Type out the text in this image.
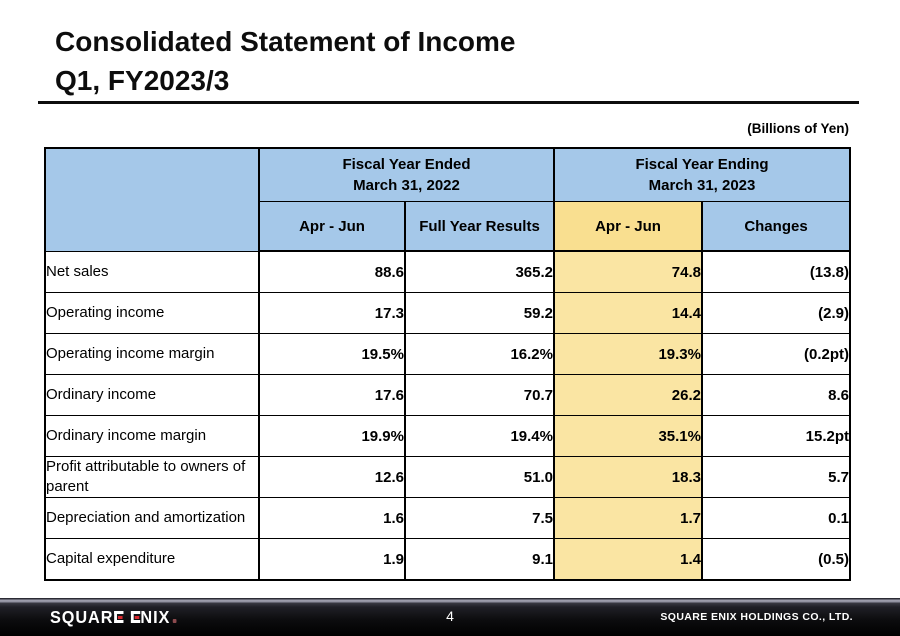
Consolidated Statement of Income
Q1, FY2023/3
(Billions of Yen)

Fiscal Year Ended
March 31, 2022

Fiscal Year Ending
March 31, 2023

	Apr - Jun	Full Year Results	Apr - Jun	Changes
Net sales	88.6	365.2	74.8	(13.8)
Operating income	17.3	59.2	14.4	(2.9)
Operating income margin	19.5%	16.2%	19.3%	(0.2pt)
Ordinary income	17.6	70.7	26.2	8.6
Ordinary income margin	19.9%	19.4%	35.1%	15.2pt
Profit attributable to owners of parent	12.6	51.0	18.3	5.7
Depreciation and amortization	1.6	7.5	1.7	0.1
Capital expenditure	1.9	9.1	1.4	(0.5)
SQUAR NIX	4	SQUARE ENIX HOLDINGS CO., LTD.
